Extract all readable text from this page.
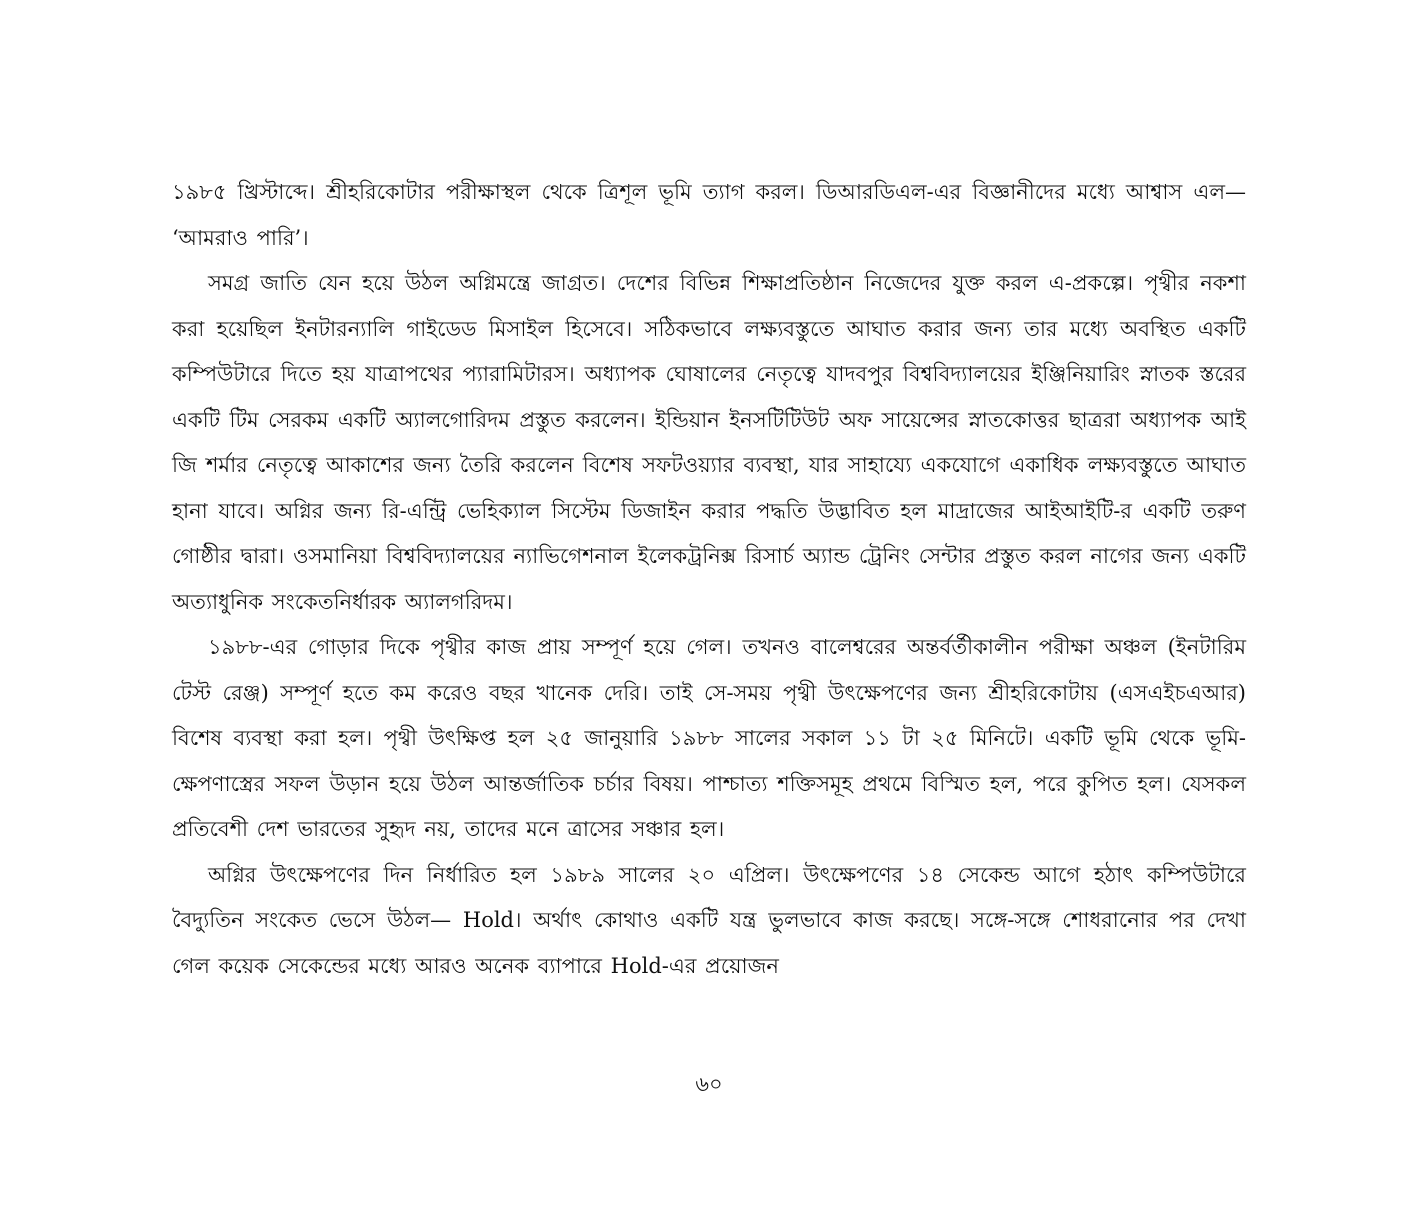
১৯৮৫ খ্রিস্টাব্দে। শ্রীহরিকোটার পরীক্ষাস্থল থেকে ত্রিশূল ভূমি ত্যাগ করল। ডিআরডিএল-এর বিজ্ঞানীদের মধ্যে আশ্বাস এল— ‘আমরাও পারি’।

সমগ্র জাতি যেন হয়ে উঠল অগ্নিমন্ত্রে জাগ্রত। দেশের বিভিন্ন শিক্ষাপ্রতিষ্ঠান নিজেদের যুক্ত করল এ-প্রকল্পে। পৃথ্বীর নকশা করা হয়েছিল ইনটারন্যালি গাইডেড মিসাইল হিসেবে। সঠিকভাবে লক্ষ্যবস্তুতে আঘাত করার জন্য তার মধ্যে অবস্থিত একটি কম্পিউটারে দিতে হয় যাত্রাপথের প্যারামিটারস। অধ্যাপক ঘোষালের নেতৃত্বে যাদবপুর বিশ্ববিদ্যালয়ের ইঞ্জিনিয়ারিং স্নাতক স্তরের একটি টিম সেরকম একটি অ্যালগোরিদম প্রস্তুত করলেন। ইন্ডিয়ান ইনসটিটিউট অফ সায়েন্সের স্নাতকোত্তর ছাত্ররা অধ্যাপক আই জি শর্মার নেতৃত্বে আকাশের জন্য তৈরি করলেন বিশেষ সফটওয়্যার ব্যবস্থা, যার সাহায্যে একযোগে একাধিক লক্ষ্যবস্তুতে আঘাত হানা যাবে। অগ্নির জন্য রি-এন্ট্রি ভেহিক্যাল সিস্টেম ডিজাইন করার পদ্ধতি উদ্ভাবিত হল মাদ্রাজের আইআইটি-র একটি তরুণ গোষ্ঠীর দ্বারা। ওসমানিয়া বিশ্ববিদ্যালয়ের ন্যাভিগেশনাল ইলেকট্রনিক্স রিসার্চ অ্যান্ড ট্রেনিং সেন্টার প্রস্তুত করল নাগের জন্য একটি অত্যাধুনিক সংকেতনির্ধারক অ্যালগরিদম।

১৯৮৮-এর গোড়ার দিকে পৃথ্বীর কাজ প্রায় সম্পূর্ণ হয়ে গেল। তখনও বালেশ্বরের অন্তর্বর্তীকালীন পরীক্ষা অঞ্চল (ইনটারিম টেস্ট রেঞ্জ) সম্পূর্ণ হতে কম করেও বছর খানেক দেরি। তাই সে-সময় পৃথ্বী উৎক্ষেপণের জন্য শ্রীহরিকোটায় (এসএইচএআর) বিশেষ ব্যবস্থা করা হল। পৃথ্বী উৎক্ষিপ্ত হল ২৫ জানুয়ারি ১৯৮৮ সালের সকাল ১১ টা ২৫ মিনিটে। একটি ভূমি থেকে ভূমি-ক্ষেপণাস্ত্রের সফল উড়ান হয়ে উঠল আন্তর্জাতিক চর্চার বিষয়। পাশ্চাত্য শক্তিসমূহ প্রথমে বিস্মিত হল, পরে কুপিত হল। যেসকল প্রতিবেশী দেশ ভারতের সুহৃদ নয়, তাদের মনে ত্রাসের সঞ্চার হল।

অগ্নির উৎক্ষেপণের দিন নির্ধারিত হল ১৯৮৯ সালের ২০ এপ্রিল। উৎক্ষেপণের ১৪ সেকেন্ড আগে হঠাৎ কম্পিউটারে বৈদ্যুতিন সংকেত ভেসে উঠল— Hold। অর্থাৎ কোথাও একটি যন্ত্র ভুলভাবে কাজ করছে। সঙ্গে-সঙ্গে শোধরানোর পর দেখা গেল কয়েক সেকেন্ডের মধ্যে আরও অনেক ব্যাপারে Hold-এর প্রয়োজন

৬০
